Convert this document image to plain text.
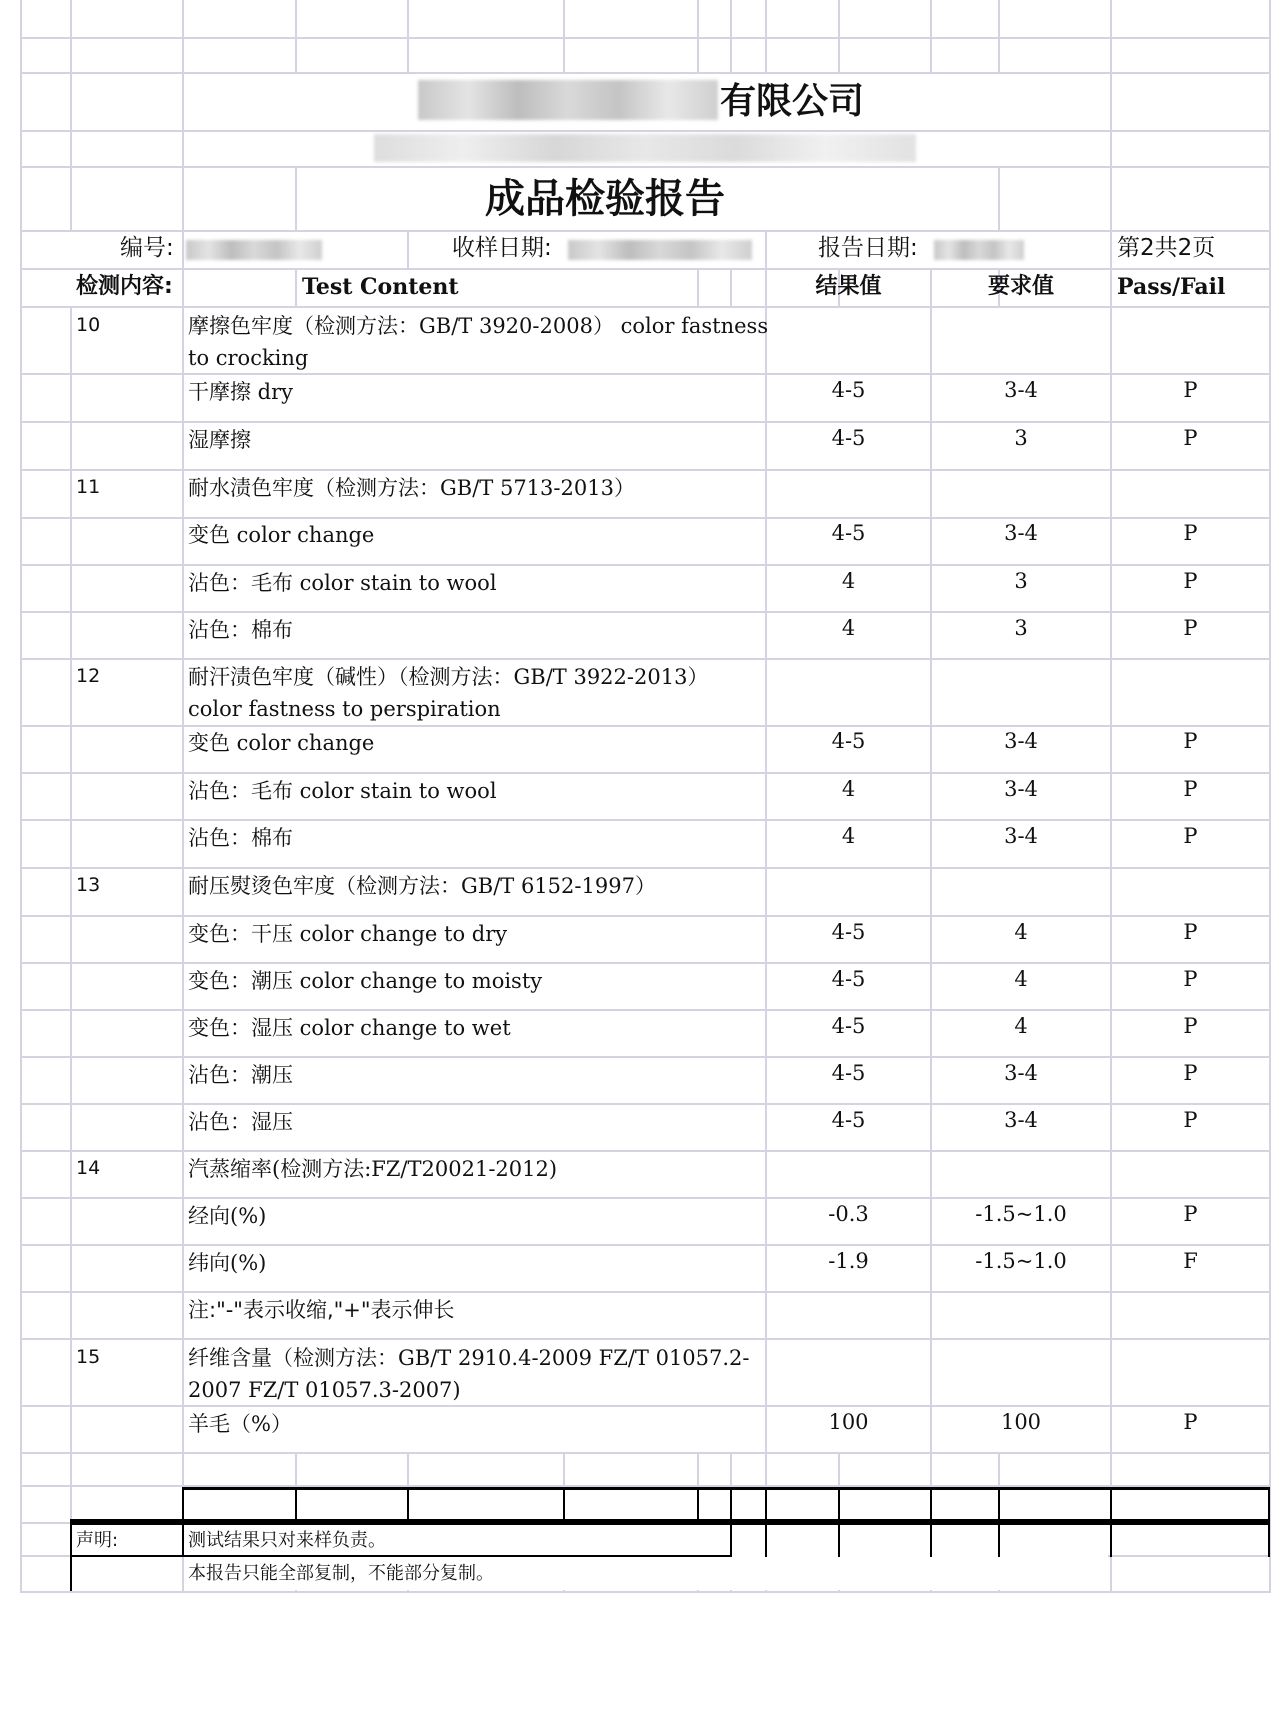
有限公司
成品检验报告
编号:	收样日期:	报告日期:	第2共2页
检测内容:	Test Content	结果值	要求值	Pass/Fail
10	摩擦色牢度（检测方法：GB/T 3920-2008） color fastness
to crocking
干摩擦 dry	4-5	3-4	P
湿摩擦	4-5	3	P
11	耐水渍色牢度（检测方法：GB/T 5713-2013）
变色 color change	4-5	3-4	P
沾色：毛布 color stain to wool	4	3	P
沾色：棉布	4	3	P
12	耐汗渍色牢度（碱性）（检测方法：GB/T 3922-2013）
color fastness to perspiration
变色 color change	4-5	3-4	P
沾色：毛布 color stain to wool	4	3-4	P
沾色：棉布	4	3-4	P
13	耐压熨烫色牢度（检测方法：GB/T 6152-1997）
变色：干压 color change to dry	4-5	4	P
变色：潮压 color change to moisty	4-5	4	P
变色：湿压 color change to wet	4-5	4	P
沾色：潮压	4-5	3-4	P
沾色：湿压	4-5	3-4	P
14	汽蒸缩率(检测方法:FZ/T20021-2012)
经向(%)	-0.3	-1.5~1.0	P
纬向(%)	-1.9	-1.5~1.0	F
注:"-"表示收缩,"+"表示伸长
15	纤维含量（检测方法：GB/T 2910.4-2009 FZ/T 01057.2-
2007 FZ/T 01057.3-2007)
羊毛（%）	100	100	P
声明:	测试结果只对来样负责。
本报告只能全部复制，不能部分复制。
